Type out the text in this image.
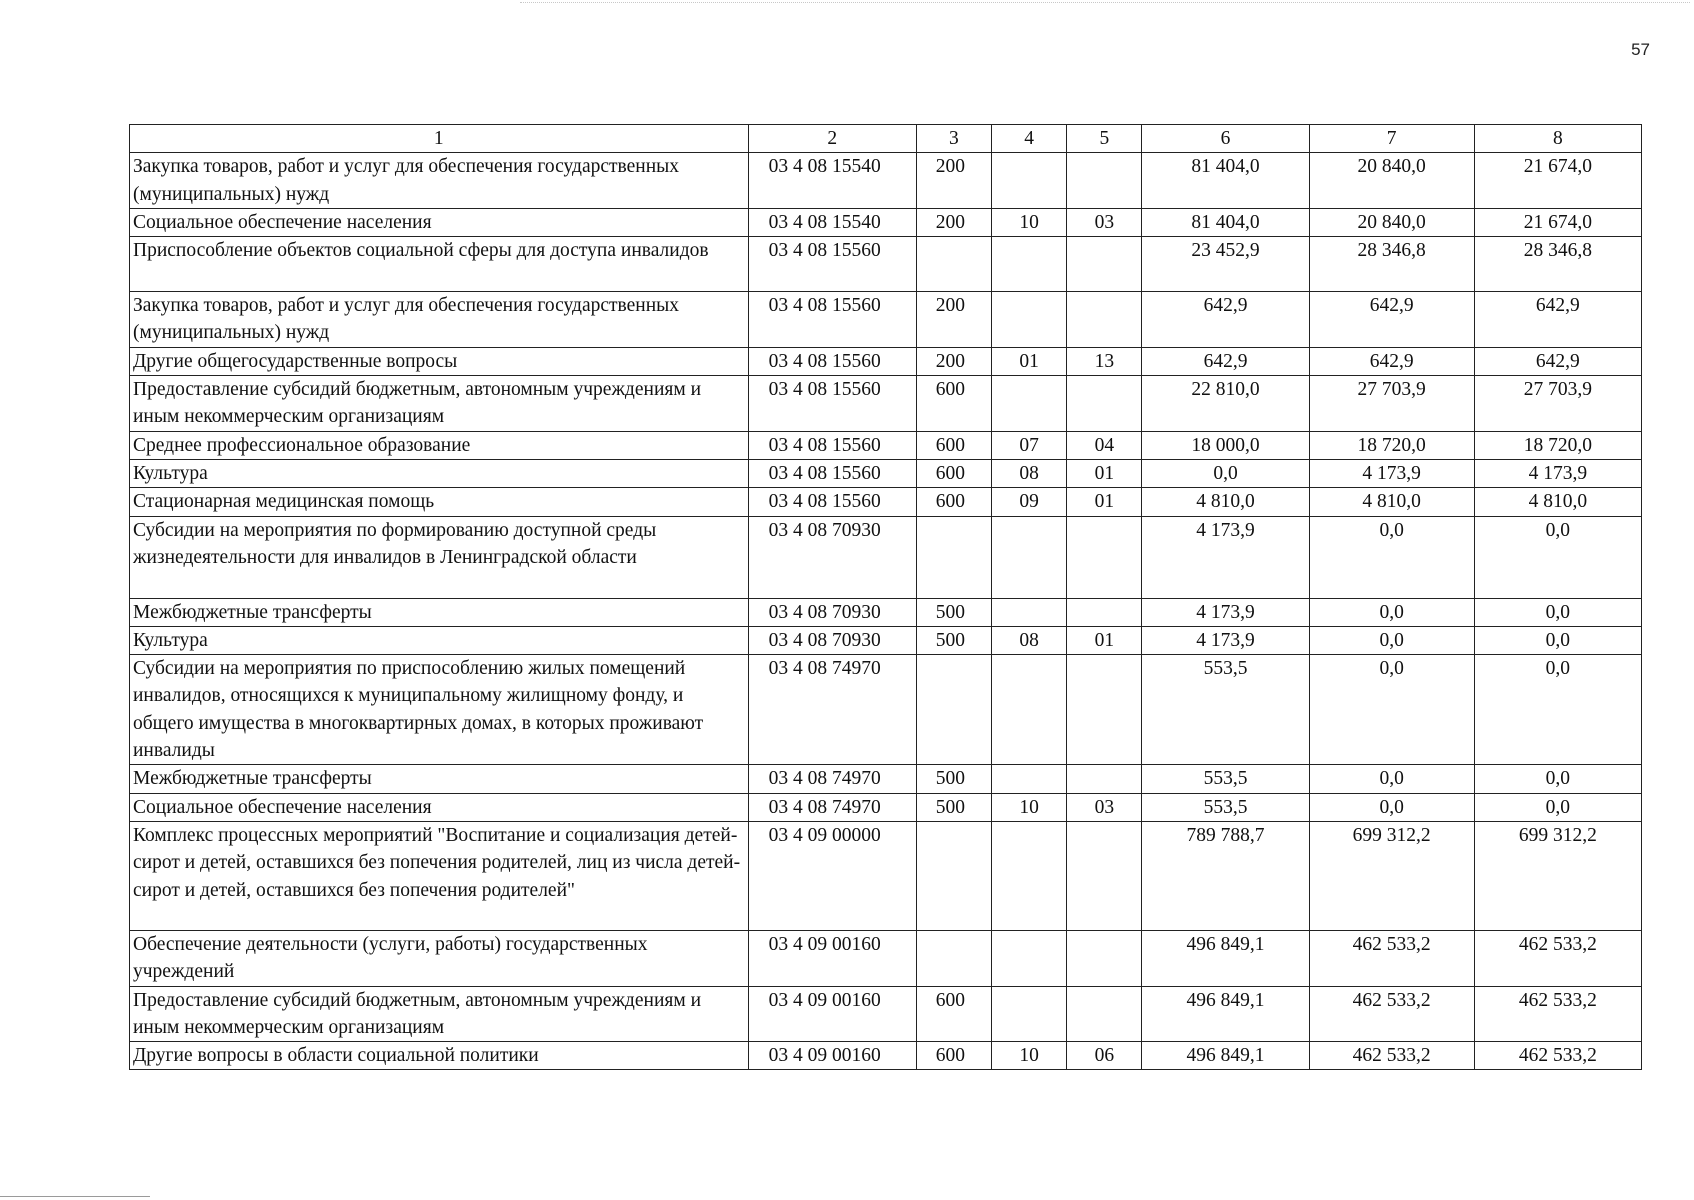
57
1	2	3	4	5	6	7	8
Закупка товаров, работ и услуг для обеспечения государственных (муниципальных) нужд	03 4 08 15540	200			81 404,0	20 840,0	21 674,0
Социальное обеспечение населения	03 4 08 15540	200	10	03	81 404,0	20 840,0	21 674,0
Приспособление объектов социальной сферы для доступа инвалидов	03 4 08 15560				23 452,9	28 346,8	28 346,8
Закупка товаров, работ и услуг для обеспечения государственных (муниципальных) нужд	03 4 08 15560	200			642,9	642,9	642,9
Другие общегосударственные вопросы	03 4 08 15560	200	01	13	642,9	642,9	642,9
Предоставление субсидий бюджетным, автономным учреждениям и иным некоммерческим организациям	03 4 08 15560	600			22 810,0	27 703,9	27 703,9
Среднее профессиональное образование	03 4 08 15560	600	07	04	18 000,0	18 720,0	18 720,0
Культура	03 4 08 15560	600	08	01	0,0	4 173,9	4 173,9
Стационарная медицинская помощь	03 4 08 15560	600	09	01	4 810,0	4 810,0	4 810,0
Субсидии на мероприятия по формированию доступной среды жизнедеятельности для инвалидов в Ленинградской области	03 4 08 70930				4 173,9	0,0	0,0
Межбюджетные трансферты	03 4 08 70930	500			4 173,9	0,0	0,0
Культура	03 4 08 70930	500	08	01	4 173,9	0,0	0,0
Субсидии на мероприятия по приспособлению жилых помещений инвалидов, относящихся к муниципальному жилищному фонду, и общего имущества в многоквартирных домах, в которых проживают инвалиды	03 4 08 74970				553,5	0,0	0,0
Межбюджетные трансферты	03 4 08 74970	500			553,5	0,0	0,0
Социальное обеспечение населения	03 4 08 74970	500	10	03	553,5	0,0	0,0
Комплекс процессных мероприятий "Воспитание и социализация детей-сирот и детей, оставшихся без попечения родителей, лиц из числа детей-сирот и детей, оставшихся без попечения родителей"	03 4 09 00000				789 788,7	699 312,2	699 312,2
Обеспечение деятельности (услуги, работы) государственных учреждений	03 4 09 00160				496 849,1	462 533,2	462 533,2
Предоставление субсидий бюджетным, автономным учреждениям и иным некоммерческим организациям	03 4 09 00160	600			496 849,1	462 533,2	462 533,2
Другие вопросы в области социальной политики	03 4 09 00160	600	10	06	496 849,1	462 533,2	462 533,2
